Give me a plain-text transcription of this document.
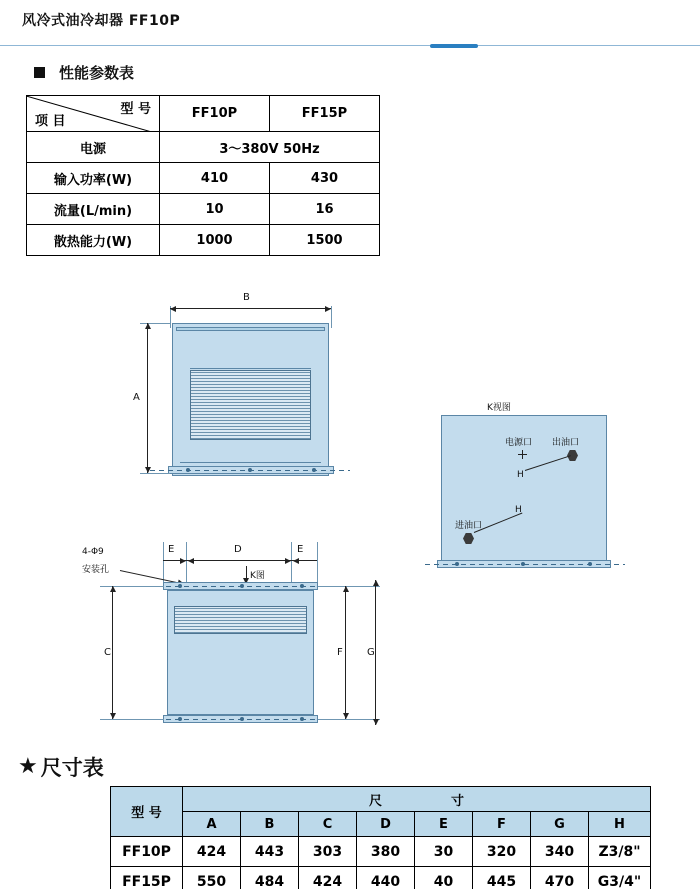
风冷式油冷却器 FF10P
性能参数表
项 目
型 号	FF10P	FF15P
电源	3～380V 50Hz	
输入功率(W)	410	430
流量(L/min)	10	16
散热能力(W)	1000	1500
B
A
K视图
电源口 出油口
H
进油口
H
E	D	E
4-Φ9
安装孔
K图
C	F G
★ 尺寸表
型 号	尺 寸							
	A	B	C	D	E	F	G	H
FF10P	424	443	303	380	30	320	340	Z3/8"
FF15P	550	484	424	440	40	445	470	G3/4"
